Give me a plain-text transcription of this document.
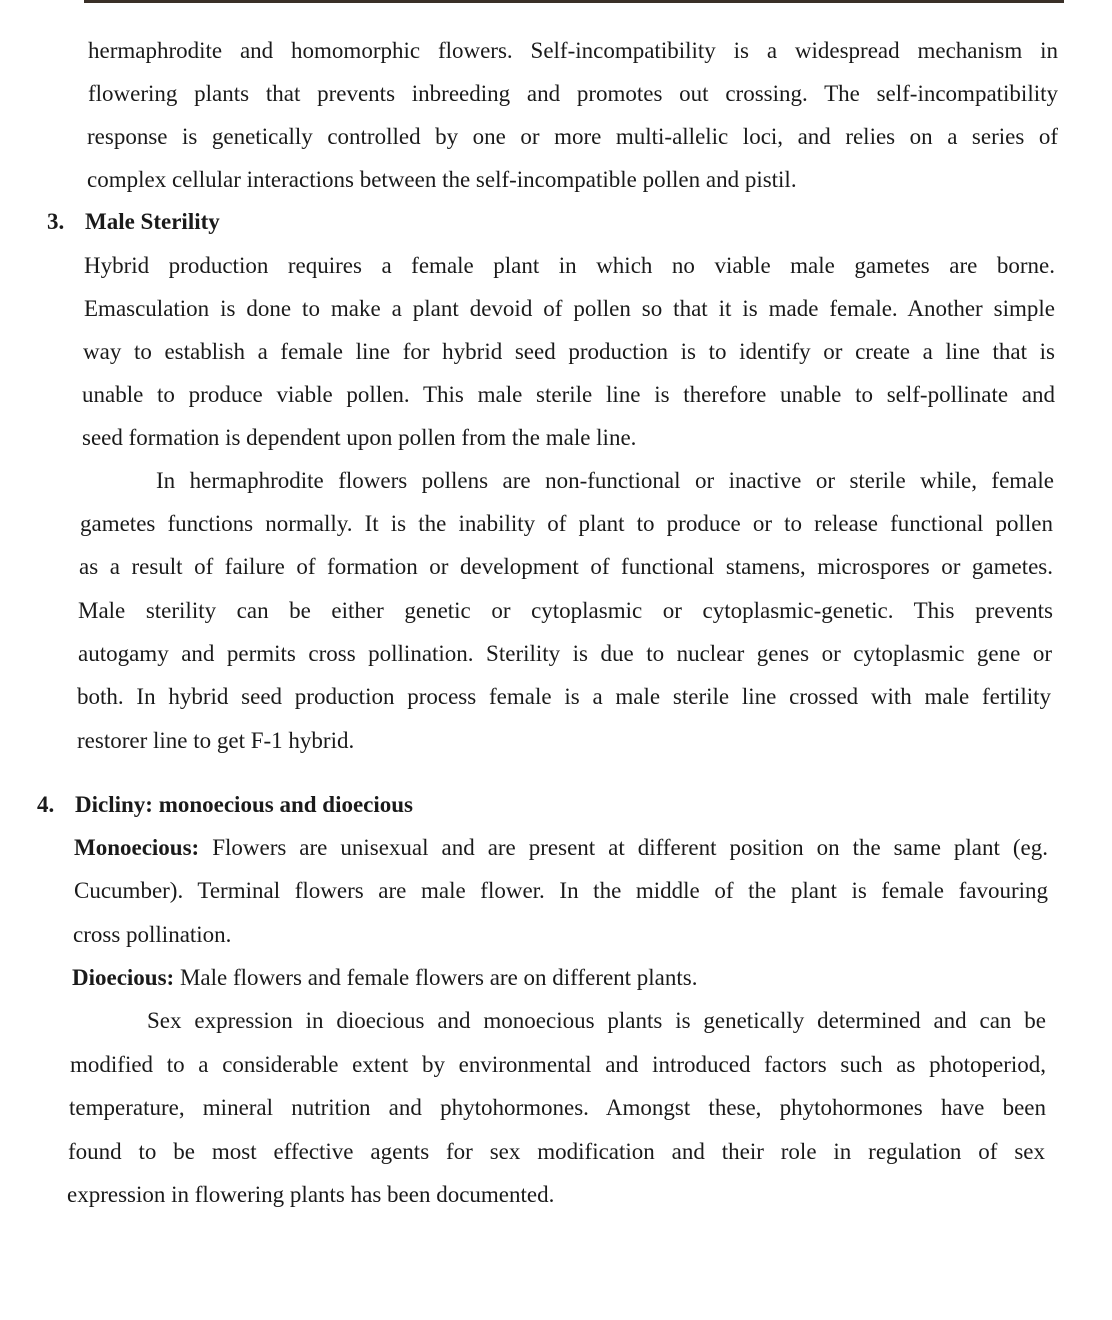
hermaphrodite and homomorphic flowers. Self-incompatibility is a widespread mechanism in
flowering plants that prevents inbreeding and promotes out crossing. The self-incompatibility
response is genetically controlled by one or more multi-allelic loci, and relies on a series of
complex cellular interactions between the self-incompatible pollen and pistil.
3. Male Sterility
Hybrid production requires a female plant in which no viable male gametes are borne.
Emasculation is done to make a plant devoid of pollen so that it is made female. Another simple
way to establish a female line for hybrid seed production is to identify or create a line that is
unable to produce viable pollen. This male sterile line is therefore unable to self-pollinate and
seed formation is dependent upon pollen from the male line.
In hermaphrodite flowers pollens are non-functional or inactive or sterile while, female
gametes functions normally. It is the inability of plant to produce or to release functional pollen
as a result of failure of formation or development of functional stamens, microspores or gametes.
Male sterility can be either genetic or cytoplasmic or cytoplasmic-genetic. This prevents
autogamy and permits cross pollination. Sterility is due to nuclear genes or cytoplasmic gene or
both. In hybrid seed production process female is a male sterile line crossed with male fertility
restorer line to get F-1 hybrid.
4. Dicliny: monoecious and dioecious
Monoecious: Flowers are unisexual and are present at different position on the same plant (eg.
Cucumber). Terminal flowers are male flower. In the middle of the plant is female favouring
cross pollination.
Dioecious: Male flowers and female flowers are on different plants.
Sex expression in dioecious and monoecious plants is genetically determined and can be
modified to a considerable extent by environmental and introduced factors such as photoperiod,
temperature, mineral nutrition and phytohormones. Amongst these, phytohormones have been
found to be most effective agents for sex modification and their role in regulation of sex
expression in flowering plants has been documented.
